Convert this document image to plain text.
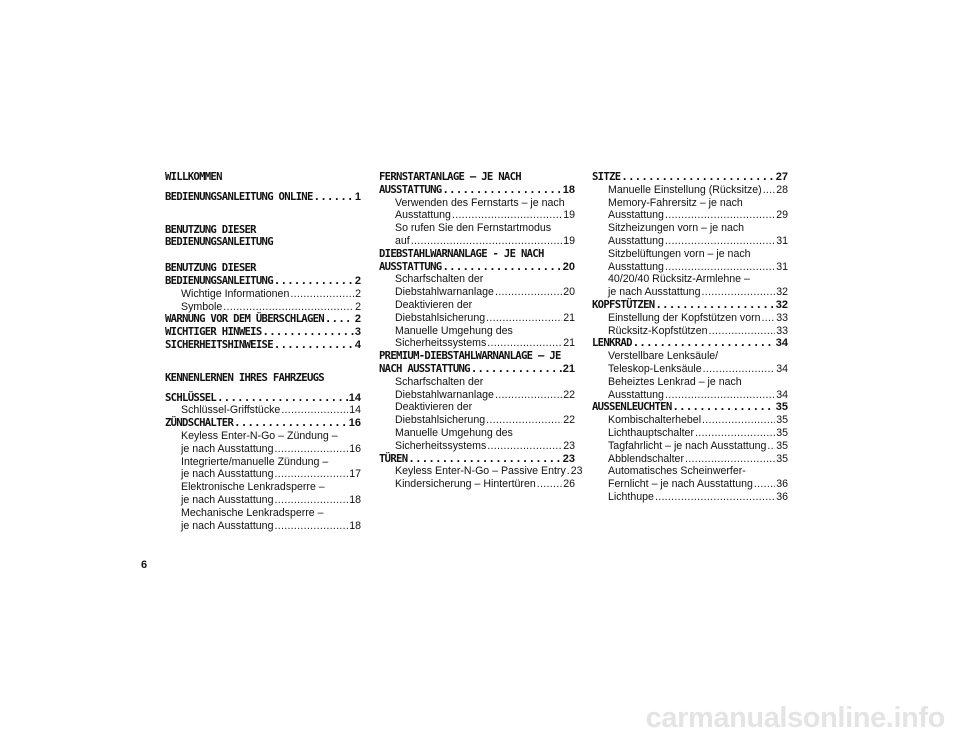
WILLKOMMEN
BEDIENUNGSANLEITUNG ONLINE .....	1
BENUTZUNG DIESER
BEDIENUNGSANLEITUNG
BENUTZUNG DIESER
BEDIENUNGSANLEITUNG .....	2
Wichtige Informationen .....	2
Symbole .....	2
WARNUNG VOR DEM ÜBERSCHLAGEN .....	2
WICHTIGER HINWEIS .....	3
SICHERHEITSHINWEISE .....	4
KENNENLERNEN IHRES FAHRZEUGS
SCHLÜSSEL .....	14
Schlüssel-Griffstücke .....	14
ZÜNDSCHALTER .....	16
Keyless Enter-N-Go – Zündung –
je nach Ausstattung .....	16
Integrierte/manuelle Zündung –
je nach Ausstattung .....	17
Elektronische Lenkradsperre –
je nach Ausstattung .....	18
Mechanische Lenkradsperre –
je nach Ausstattung .....	18
FERNSTARTANLAGE – JE NACH
AUSSTATTUNG .....	18
Verwenden des Fernstarts – je nach
Ausstattung .....	19
So rufen Sie den Fernstartmodus
auf .....	19
DIEBSTAHLWARNANLAGE - JE NACH
AUSSTATTUNG .....	20
Scharfschalten der
Diebstahlwarnanlage .....	20
Deaktivieren der
Diebstahlsicherung .....	21
Manuelle Umgehung des
Sicherheitssystems .....	21
PREMIUM-DIEBSTAHLWARNANLAGE – JE
NACH AUSSTATTUNG .....	21
Scharfschalten der
Diebstahlwarnanlage .....	22
Deaktivieren der
Diebstahlsicherung .....	22
Manuelle Umgehung des
Sicherheitssystems .....	23
TÜREN .....	23
Keyless Enter-N-Go – Passive Entry ..... 23
Kindersicherung – Hintertüren .....	26
SITZE .....	27
Manuelle Einstellung (Rücksitze) ..... 28
Memory-Fahrersitz – je nach
Ausstattung .....	29
Sitzheizungen vorn – je nach
Ausstattung .....	31
Sitzbelüftungen vorn – je nach
Ausstattung .....	31
40/20/40 Rücksitz-Armlehne –
je nach Ausstattung .....	32
KOPFSTÜTZEN .....	32
Einstellung der Kopfstützen vorn ..... 33
Rücksitz-Kopfstützen .....	33
LENKRAD .....	34
Verstellbare Lenksäule/
Teleskop-Lenksäule .....	34
Beheiztes Lenkrad – je nach
Ausstattung .....	34
AUSSENLEUCHTEN .....	35
Kombischalterhebel .....	35
Lichthauptschalter .....	35
Tagfahrlicht – je nach Ausstattung ..... 35
Abblendschalter .....	35
Automatisches Scheinwerfer-
Fernlicht – je nach Ausstattung ..... 36
Lichthupe .....	36
6
carmanualsonline.info
